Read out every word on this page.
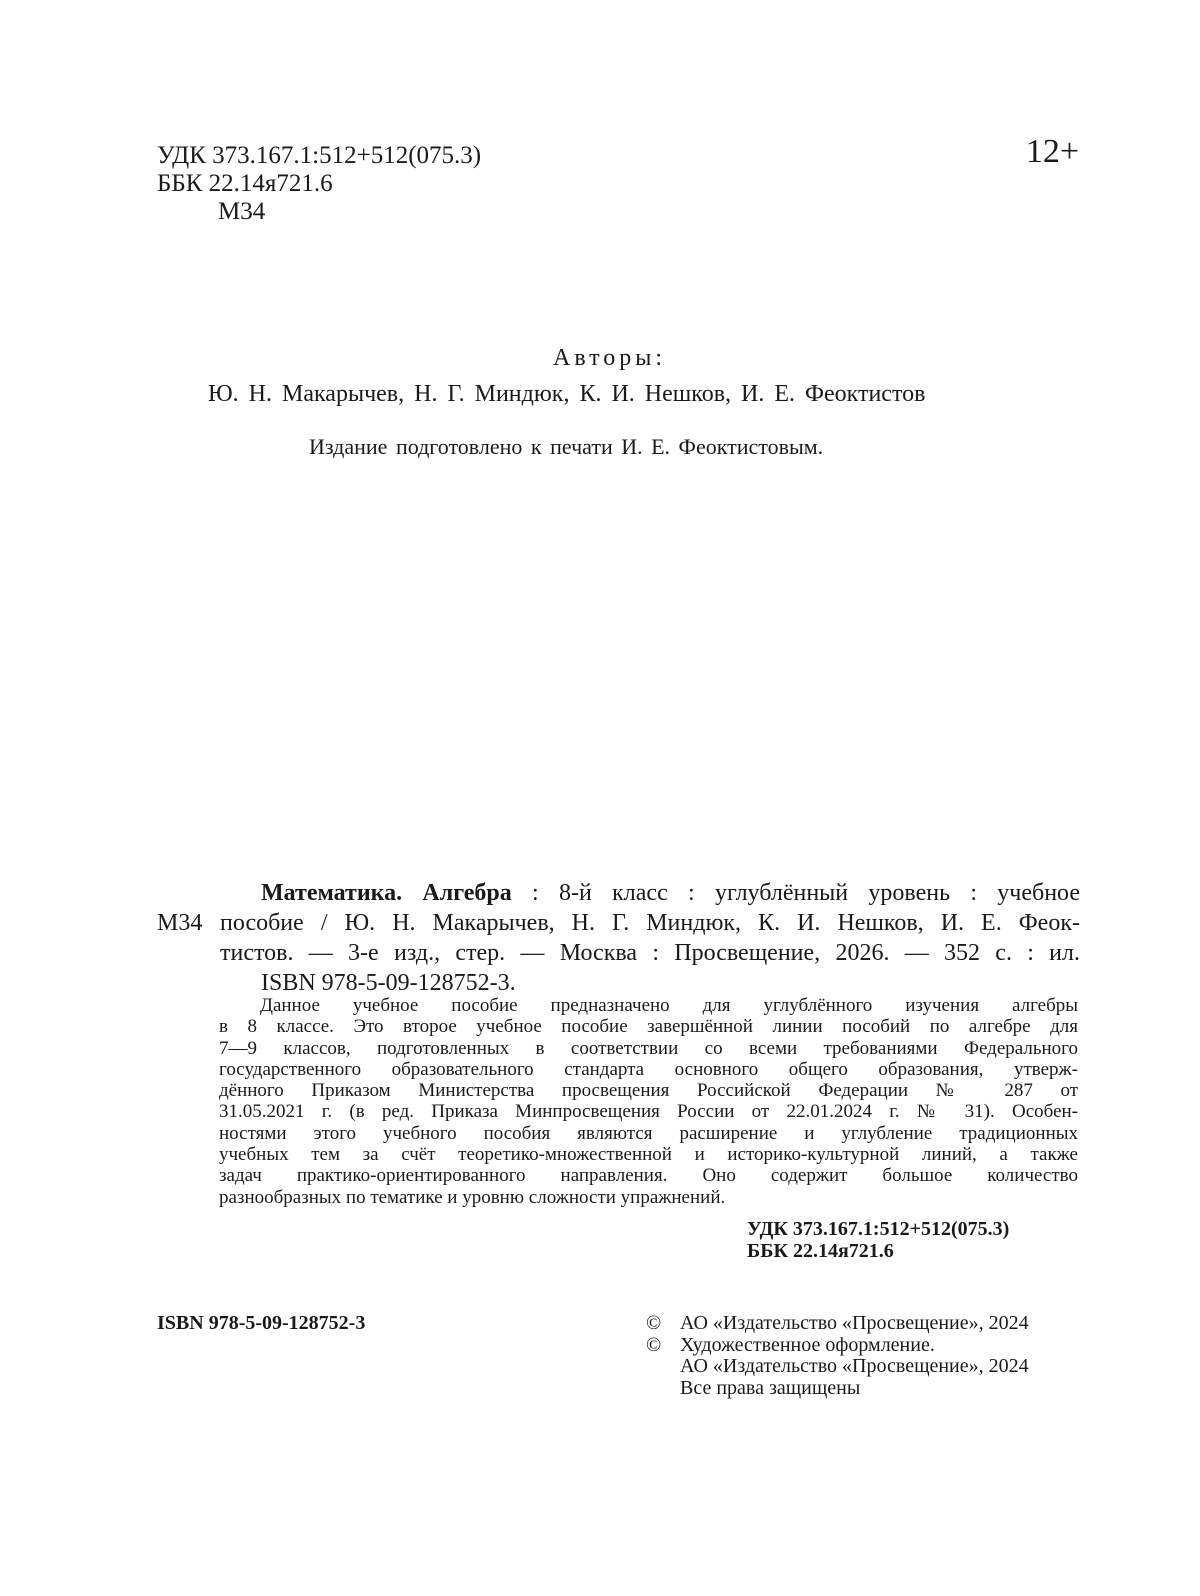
УДК 373.167.1:512+512(075.3)
ББК 22.14я721.6
М34
12+
Авторы:
Ю. Н. Макарычев, Н. Г. Миндюк, К. И. Нешков, И. Е. Феоктистов
Издание подготовлено к печати И. Е. Феоктистовым.
М34
Математика. Алгебра : 8-й класс : углублённый уровень : учебное
пособие / Ю. Н. Макарычев, Н. Г. Миндюк, К. И. Нешков, И. Е. Феок-
тистов. — 3-е изд., стер. — Москва : Просвещение, 2026. — 352 с. : ил.
ISBN 978-5-09-128752-3.
Данное учебное пособие предназначено для углублённого изучения алгебры
в 8 классе. Это второе учебное пособие завершённой линии пособий по алгебре для
7—9 классов, подготовленных в соответствии со всеми требованиями Федерального
государственного образовательного стандарта основного общего образования, утверж-
дённого Приказом Министерства просвещения Российской Федерации № 287 от
31.05.2021 г. (в ред. Приказа Минпросвещения России от 22.01.2024 г. № 31). Особен-
ностями этого учебного пособия являются расширение и углубление традиционных
учебных тем за счёт теоретико-множественной и историко-культурной линий, а также
задач практико-ориентированного направления. Оно содержит большое количество
разнообразных по тематике и уровню сложности упражнений.
УДК 373.167.1:512+512(075.3)
ББК 22.14я721.6
ISBN 978-5-09-128752-3	© АО «Издательство «Просвещение», 2024
© Художественное оформление.
АО «Издательство «Просвещение», 2024
Все права защищены
